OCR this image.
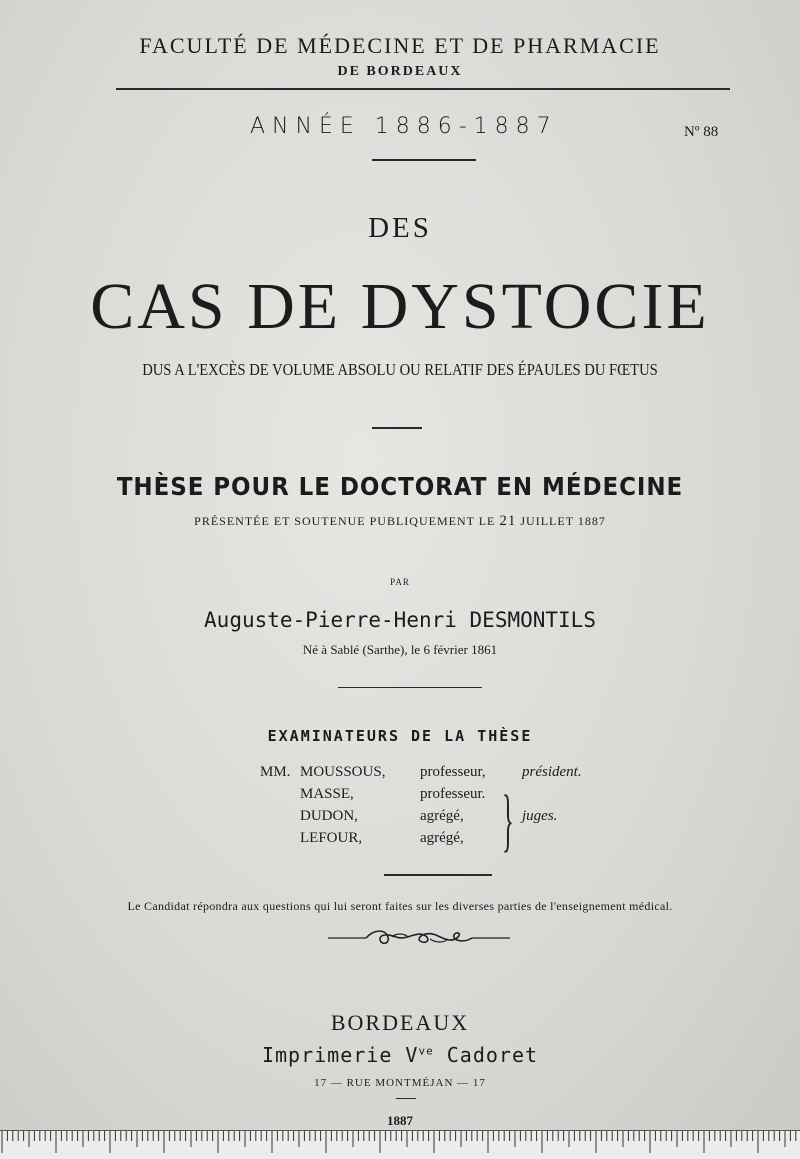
FACULTÉ DE MÉDECINE ET DE PHARMACIE
DE BORDEAUX
ANNÉE 1886-1887	Nº 88
DES
CAS DE DYSTOCIE
DUS A L'EXCÈS DE VOLUME ABSOLU OU RELATIF DES ÉPAULES DU FŒTUS
THÈSE POUR LE DOCTORAT EN MÉDECINE
PRÉSENTÉE ET SOUTENUE PUBLIQUEMENT LE 21 JUILLET 1887
PAR
Auguste-Pierre-Henri DESMONTILS
Né à Sablé (Sarthe), le 6 février 1861
EXAMINATEURS DE LA THÈSE
MM. MOUSSOUS,
MASSE,
DUDON,
LEFOUR,
professeur,
professeur.
agrégé,
agrégé,
président.
} juges.
Le Candidat répondra aux questions qui lui seront faites sur les diverses parties de l'enseignement médical.
BORDEAUX
Imprimerie $V^{ve}$ Cadoret
17 — RUE MONTMÉJAN — 17
1887
